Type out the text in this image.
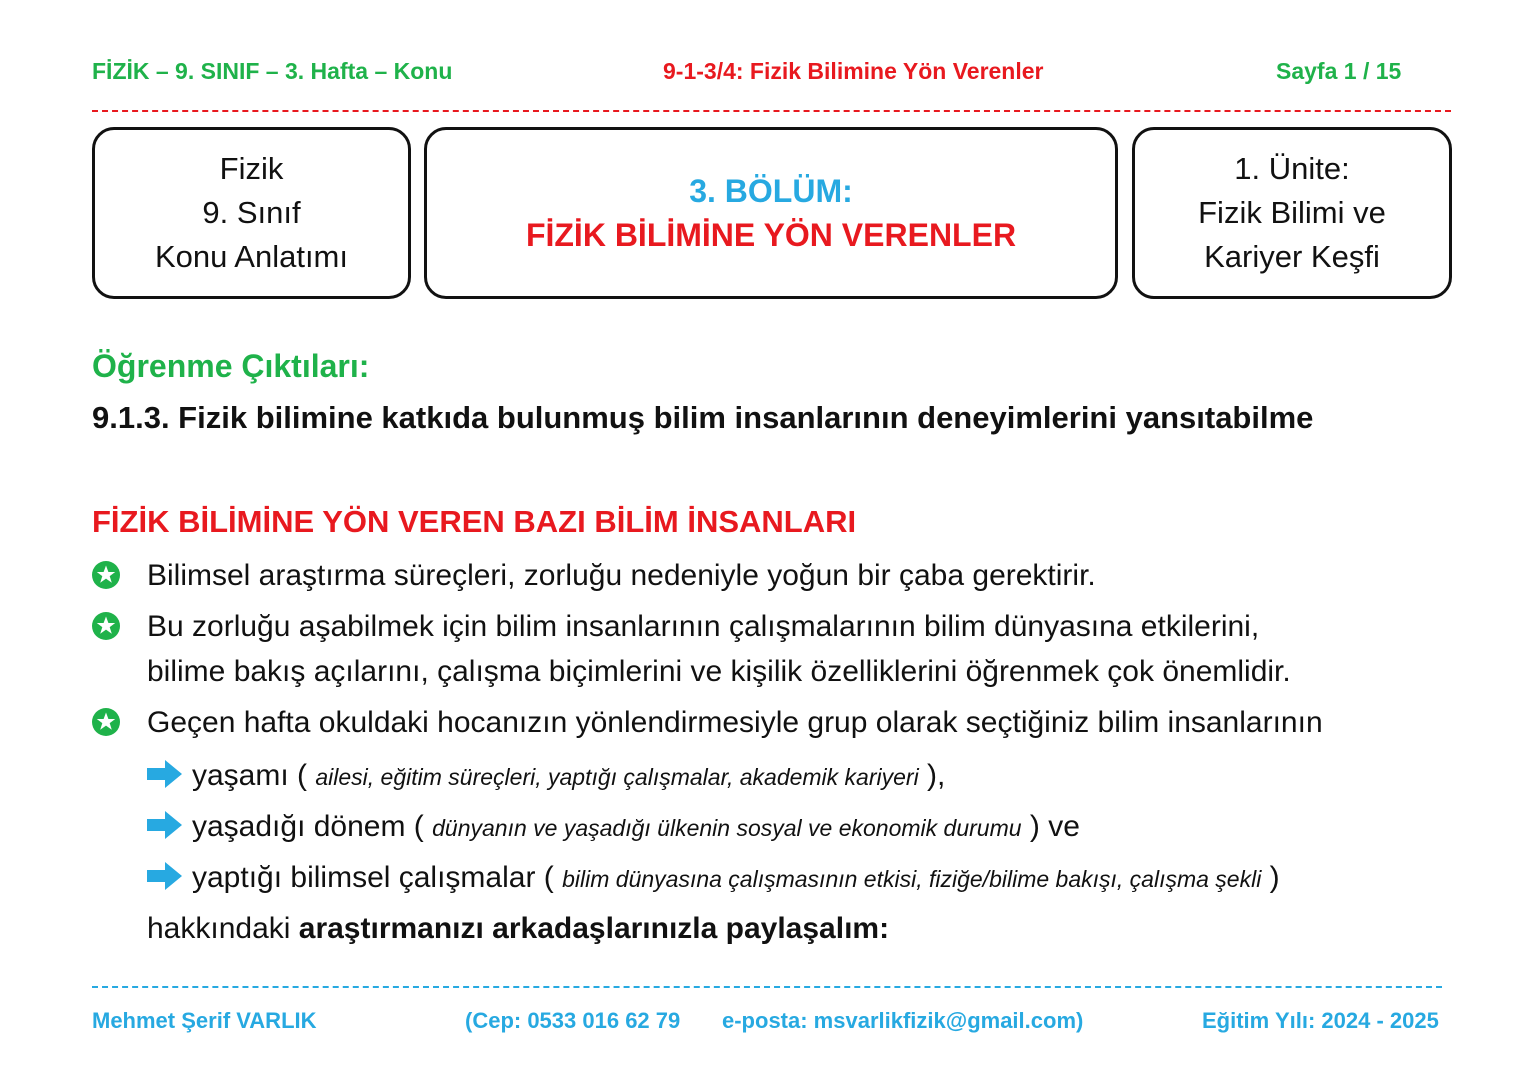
FİZİK – 9. SINIF – 3. Hafta – Konu	9-1-3/4: Fizik Bilimine Yön Verenler	Sayfa 1 / 15
Fizik
9. Sınıf
Konu Anlatımı
3. BÖLÜM:
FİZİK BİLİMİNE YÖN VERENLER
1. Ünite:
Fizik Bilimi ve
Kariyer Keşfi
Öğrenme Çıktıları:
9.1.3. Fizik bilimine katkıda bulunmuş bilim insanlarının deneyimlerini yansıtabilme
FİZİK BİLİMİNE YÖN VEREN BAZI BİLİM İNSANLARI
Bilimsel araştırma süreçleri, zorluğu nedeniyle yoğun bir çaba gerektirir.
Bu zorluğu aşabilmek için bilim insanlarının çalışmalarının bilim dünyasına etkilerini,
bilime bakış açılarını, çalışma biçimlerini ve kişilik özelliklerini öğrenmek çok önemlidir.
Geçen hafta okuldaki hocanızın yönlendirmesiyle grup olarak seçtiğiniz bilim insanlarının
yaşamı ( ailesi, eğitim süreçleri, yaptığı çalışmalar, akademik kariyeri ),
yaşadığı dönem ( dünyanın ve yaşadığı ülkenin sosyal ve ekonomik durumu ) ve
yaptığı bilimsel çalışmalar ( bilim dünyasına çalışmasının etkisi, fiziğe/bilime bakışı, çalışma şekli )
hakkındaki araştırmanızı arkadaşlarınızla paylaşalım:
Mehmet Şerif VARLIK	(Cep: 0533 016 62 79 e-posta: msvarlikfizik@gmail.com)	Eğitim Yılı: 2024 - 2025
